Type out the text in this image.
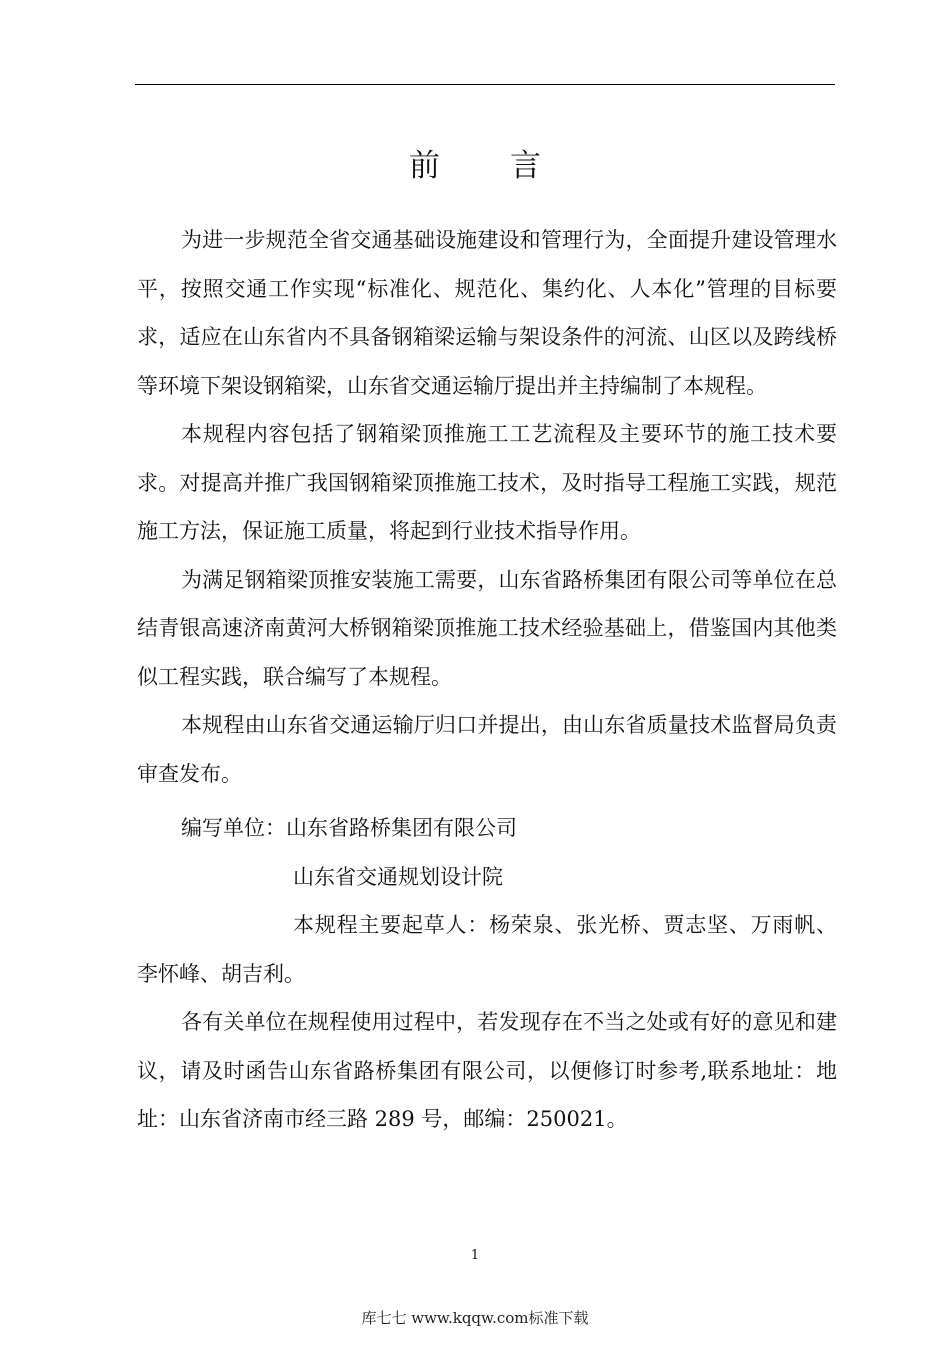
前 言

为进一步规范全省交通基础设施建设和管理行为，全面提升建设管理水平，按照交通工作实现“标准化、规范化、集约化、人本化”管理的目标要求，适应在山东省内不具备钢箱梁运输与架设条件的河流、山区以及跨线桥等环境下架设钢箱梁，山东省交通运输厅提出并主持编制了本规程。

本规程内容包括了钢箱梁顶推施工工艺流程及主要环节的施工技术要求。对提高并推广我国钢箱梁顶推施工技术，及时指导工程施工实践，规范施工方法，保证施工质量，将起到行业技术指导作用。

为满足钢箱梁顶推安装施工需要，山东省路桥集团有限公司等单位在总结青银高速济南黄河大桥钢箱梁顶推施工技术经验基础上，借鉴国内其他类似工程实践，联合编写了本规程。

本规程由山东省交通运输厅归口并提出，由山东省质量技术监督局负责审查发布。

编写单位：山东省路桥集团有限公司

山东省交通规划设计院

本规程主要起草人：杨荣泉、张光桥、贾志坚、万雨帆、李怀峰、胡吉利。

各有关单位在规程使用过程中，若发现存在不当之处或有好的意见和建议，请及时函告山东省路桥集团有限公司，以便修订时参考,联系地址：地址：山东省济南市经三路 289 号，邮编：250021。

1
库七七 www.kqqw.com标准下载
